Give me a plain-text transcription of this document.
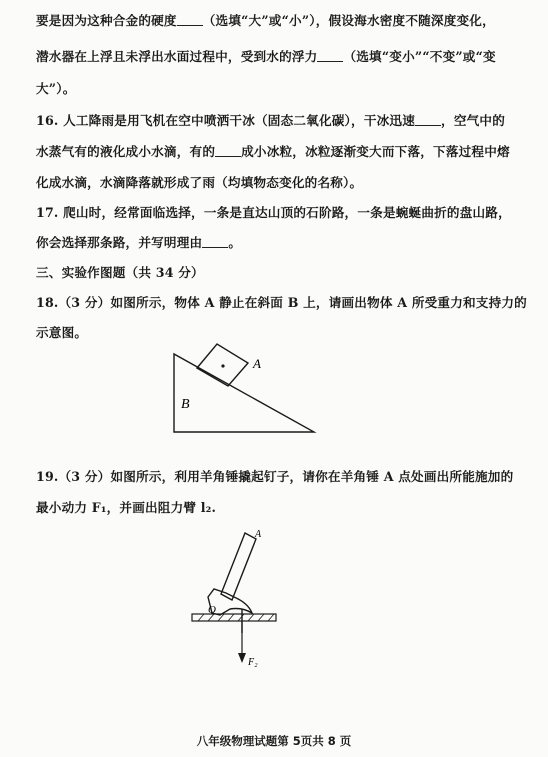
要是因为这种合金的硬度 （选填“大”或“小”），假设海水密度不随深度变化，
潜水器在上浮且未浮出水面过程中，受到水的浮力 （选填“变小”“不变”或“变
大”）。
16. 人工降雨是用飞机在空中喷洒干冰（固态二氧化碳），干冰迅速 ，空气中的
水蒸气有的液化成小水滴，有的 成小冰粒，冰粒逐渐变大而下落，下落过程中熔
化成水滴，水滴降落就形成了雨（均填物态变化的名称）。
17. 爬山时，经常面临选择，一条是直达山顶的石阶路，一条是蜿蜒曲折的盘山路，
你会选择那条路，并写明理由 。
三、实验作图题（共 34 分）
18.（3 分）如图所示，物体 A 静止在斜面 B 上，请画出物体 A 所受重力和支持力的
示意图。
A
B
19.（3 分）如图所示，利用羊角锤撬起钉子，请你在羊角锤 A 点处画出所能施加的
最小动力 F₁，并画出阻力臂 l₂.
A
O
F₂
八年级物理试题第 5页共 8 页
